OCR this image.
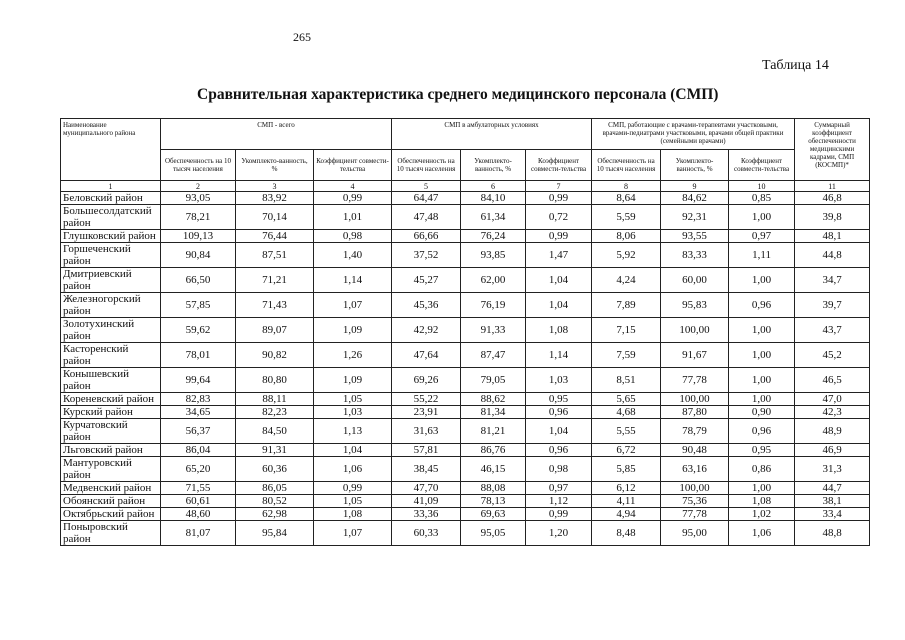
265
Таблица 14
Сравнительная характеристика среднего медицинского персонала (СМП)
Наименование муниципального района	СМП - всего			СМП в амбулаторных условиях			СМП, работающие с врачами-терапевтами участковыми, врачами-педиатрами участковыми, врачами общей практики (семейными врачами)			Суммарный коэффициент обеспеченности медицинскими кадрами, СМП (КОСМП)*
	Обеспеченность на 10 тысяч населения	Укомплекто-ванность, %	Коэффициент совмести-тельства	Обеспеченность на 10 тысяч населения	Укомплекто-ванность, %	Коэффициент совмести-тельства	Обеспеченность на 10 тысяч населения	Укомплекто-ванность, %	Коэффициент совмести-тельства	
1	2	3	4	5	6	7	8	9	10	11
Беловский район	93,05	83,92	0,99	64,47	84,10	0,99	8,64	84,62	0,85	46,8
Большесолдатский район	78,21	70,14	1,01	47,48	61,34	0,72	5,59	92,31	1,00	39,8
Глушковский район	109,13	76,44	0,98	66,66	76,24	0,99	8,06	93,55	0,97	48,1
Горшеченский район	90,84	87,51	1,40	37,52	93,85	1,47	5,92	83,33	1,11	44,8
Дмитриевский район	66,50	71,21	1,14	45,27	62,00	1,04	4,24	60,00	1,00	34,7
Железногорский район	57,85	71,43	1,07	45,36	76,19	1,04	7,89	95,83	0,96	39,7
Золотухинский район	59,62	89,07	1,09	42,92	91,33	1,08	7,15	100,00	1,00	43,7
Касторенский район	78,01	90,82	1,26	47,64	87,47	1,14	7,59	91,67	1,00	45,2
Конышевский район	99,64	80,80	1,09	69,26	79,05	1,03	8,51	77,78	1,00	46,5
Кореневский район	82,83	88,11	1,05	55,22	88,62	0,95	5,65	100,00	1,00	47,0
Курский район	34,65	82,23	1,03	23,91	81,34	0,96	4,68	87,80	0,90	42,3
Курчатовский район	56,37	84,50	1,13	31,63	81,21	1,04	5,55	78,79	0,96	48,9
Льговский район	86,04	91,31	1,04	57,81	86,76	0,96	6,72	90,48	0,95	46,9
Мантуровский район	65,20	60,36	1,06	38,45	46,15	0,98	5,85	63,16	0,86	31,3
Медвенский район	71,55	86,05	0,99	47,70	88,08	0,97	6,12	100,00	1,00	44,7
Обоянский район	60,61	80,52	1,05	41,09	78,13	1,12	4,11	75,36	1,08	38,1
Октябрьский район	48,60	62,98	1,08	33,36	69,63	0,99	4,94	77,78	1,02	33,4
Поныровский район	81,07	95,84	1,07	60,33	95,05	1,20	8,48	95,00	1,06	48,8
